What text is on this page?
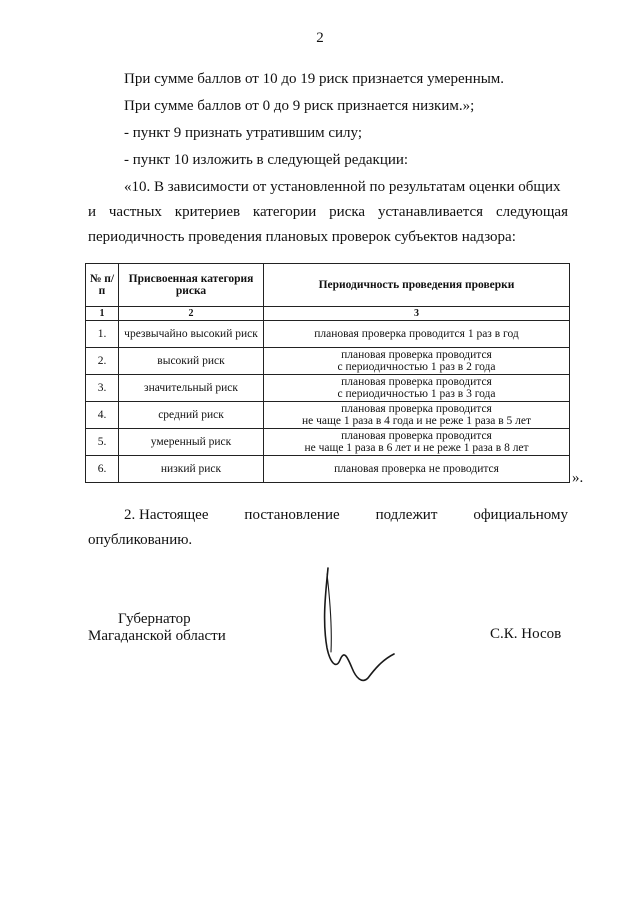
2
При сумме баллов от 10 до 19 риск признается умеренным.
При сумме баллов от 0 до 9 риск признается низким.»;
- пункт 9 признать утратившим силу;
- пункт 10 изложить в следующей редакции:
«10. В зависимости от установленной по результатам оценки общих
и частных критериев категории риска устанавливается следующая
периодичность проведения плановых проверок субъектов надзора:
№ п/п	Присвоенная категория риска	Периодичность проведения проверки
1	2	3
1.	чрезвычайно высокий риск	плановая проверка проводится 1 раз в год

2.	высокий риск	плановая проверка проводится
с периодичностью 1 раз в 2 года

3.	значительный риск	плановая проверка проводится
с периодичностью 1 раз в 3 года

4.	средний риск	плановая проверка проводится
не чаще 1 раза в 4 года и не реже 1 раза в 5 лет

5.	умеренный риск	плановая проверка проводится
не чаще 1 раза в 6 лет и не реже 1 раза в 8 лет

6.	низкий риск	плановая проверка не проводится
».
2. Настоящее постановление подлежит официальному
опубликованию.
Губернатор
Магаданской области	С.К. Носов
